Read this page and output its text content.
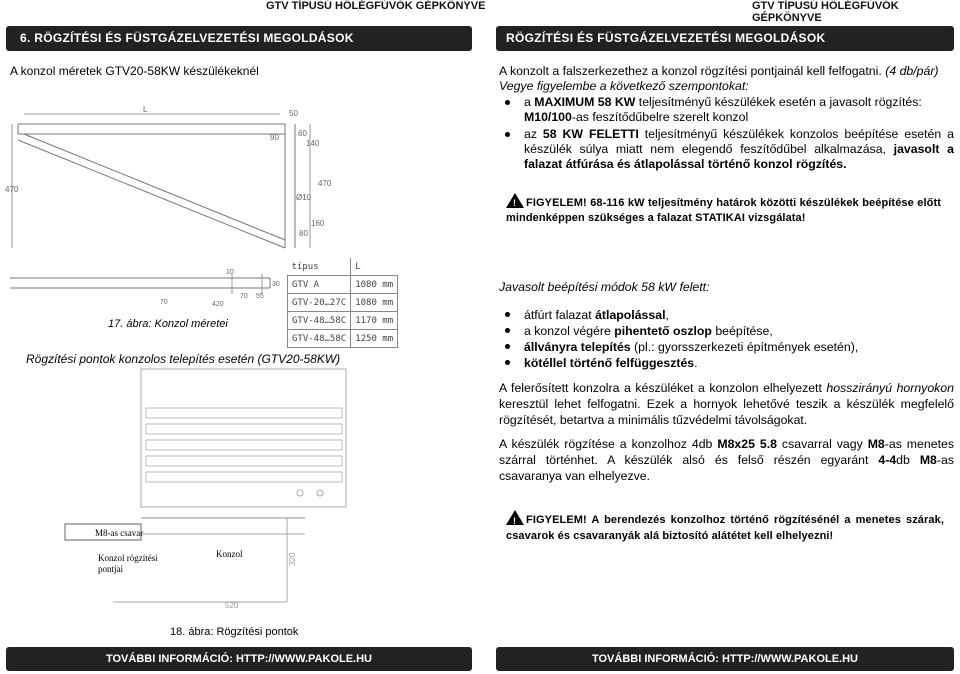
GTV TÍPUSÚ HŐLÉGFÚVÓK GÉPKÖNYVE	GTV TÍPUSÚ HŐLÉGFÚVÓK GÉPKÖNYVE
6. RÖGZÍTÉSI ÉS FÜSTGÁZELVEZETÉSI MEGOLDÁSOK
A konzol méretek GTV20-58KW készülékeknél
L
470
470
90
50
60
140
Ø10
80
160
70	420
70 55
30
10
típus	L
GTV A	1080 mm
GTV-20…27C	1080 mm
GTV-48…58C	1170 mm
GTV-48…58C	1250 mm
17. ábra: Konzol méretei
Rögzítési pontok konzolos telepítés esetén (GTV20-58KW)
M8-as csavar
320
520
Konzol rögzítési pontjai
Konzol
18. ábra: Rögzítési pontok
TOVÁBBI INFORMÁCIÓ: HTTP://WWW.PAKOLE.HU
RÖGZÍTÉSI ÉS FÜSTGÁZELVEZETÉSI MEGOLDÁSOK
A konzolt a falszerkezethez a konzol rögzítési pontjainál kell felfogatni. (4 db/pár)
Vegye figyelembe a következő szempontokat:
a MAXIMUM 58 KW teljesítményű készülékek esetén a javasolt rögzítés: M10/100-as feszítődűbelre szerelt konzol
az 58 KW FELETTI teljesítményű készülékek konzolos beépítése esetén a készülék súlya miatt nem elegendő feszítődűbel alkalmazása, javasolt a falazat átfúrása és átlapolással történő konzol rögzítés.
!FIGYELEM! 68-116 kW teljesítmény határok közötti készülékek beépítése előtt mindenképpen szükséges a falazat STATIKAI vizsgálata!
Javasolt beépítési módok 58 kW felett:
átfúrt falazat átlapolással,
a konzol végére pihentető oszlop beépítése,
állványra telepítés (pl.: gyorsszerkezeti építmények esetén),
kötéllel történő felfüggesztés.
A felerősített konzolra a készüléket a konzolon elhelyezett hosszirányú hornyokon keresztül lehet felfogatni. Ezek a hornyok lehetővé teszik a készülék megfelelő rögzítését, betartva a minimális tűzvédelmi távolságokat.
A készülék rögzítése a konzolhoz 4db M8x25 5.8 csavarral vagy M8-as menetes szárral történhet. A készülék alsó és felső részén egyaránt 4-4db M8-as csavaranya van elhelyezve.
!FIGYELEM! A berendezés konzolhoz történő rögzítésénél a menetes szárak, csavarok és csavaranyák alá biztosító alátétet kell elhelyezni!
TOVÁBBI INFORMÁCIÓ: HTTP://WWW.PAKOLE.HU
